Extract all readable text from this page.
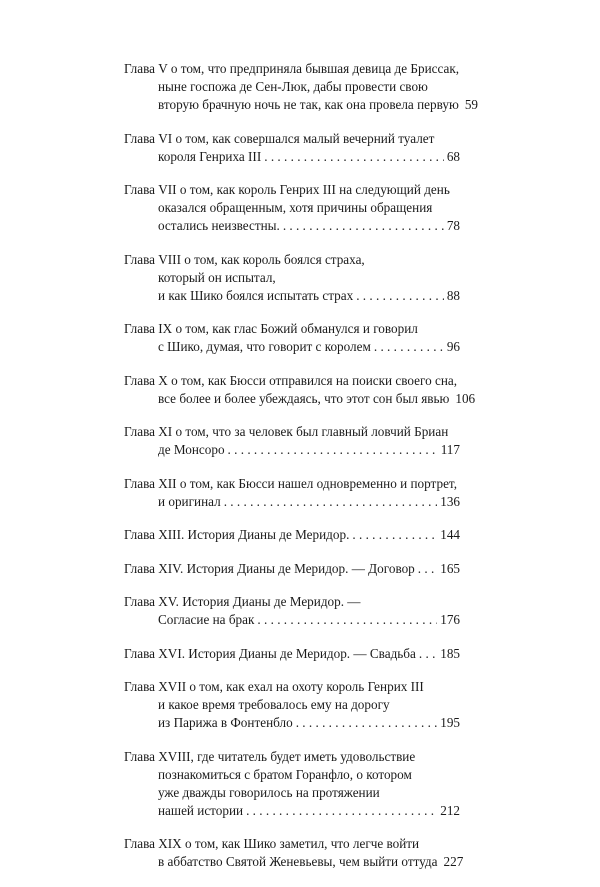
Глава V о том, что предприняла бывшая девица де Бриссак,
ныне госпожа де Сен-Люк, дабы провести свою
вторую брачную ночь не так, как она провела первую . . . 59
Глава VI о том, как совершался малый вечерний туалет
короля Генриха III . . .	68
Глава VII о том, как король Генрих III на следующий день
оказался обращенным, хотя причины обращения
остались неизвестны. . . .	78
Глава VIII о том, как король боялся страха,
который он испытал,
и как Шико боялся испытать страх . . .	88
Глава IX о том, как глас Божий обманулся и говорил
с Шико, думая, что говорит с королем . . .	96
Глава X о том, как Бюсси отправился на поиски своего сна,
все более и более убеждаясь, что этот сон был явью . . . 106
Глава XI о том, что за человек был главный ловчий Бриан
де Монсоро . . .	117
Глава XII о том, как Бюсси нашел одновременно и портрет,
и оригинал . . .	136
Глава XIII. История Дианы де Меридор. . . .	144
Глава XIV. История Дианы де Меридор. — Договор . . . 165
Глава XV. История Дианы де Меридор. —
Согласие на брак . . .	176
Глава XVI. История Дианы де Меридор. — Свадьба . . . 185
Глава XVII о том, как ехал на охоту король Генрих III
и какое время требовалось ему на дорогу
из Парижа в Фонтенбло . . .	195
Глава XVIII, где читатель будет иметь удовольствие
познакомиться с братом Горанфло, о котором
уже дважды говорилось на протяжении
нашей истории . . .	212
Глава XIX о том, как Шико заметил, что легче войти
в аббатство Святой Женевьевы, чем выйти оттуда . . . 227
